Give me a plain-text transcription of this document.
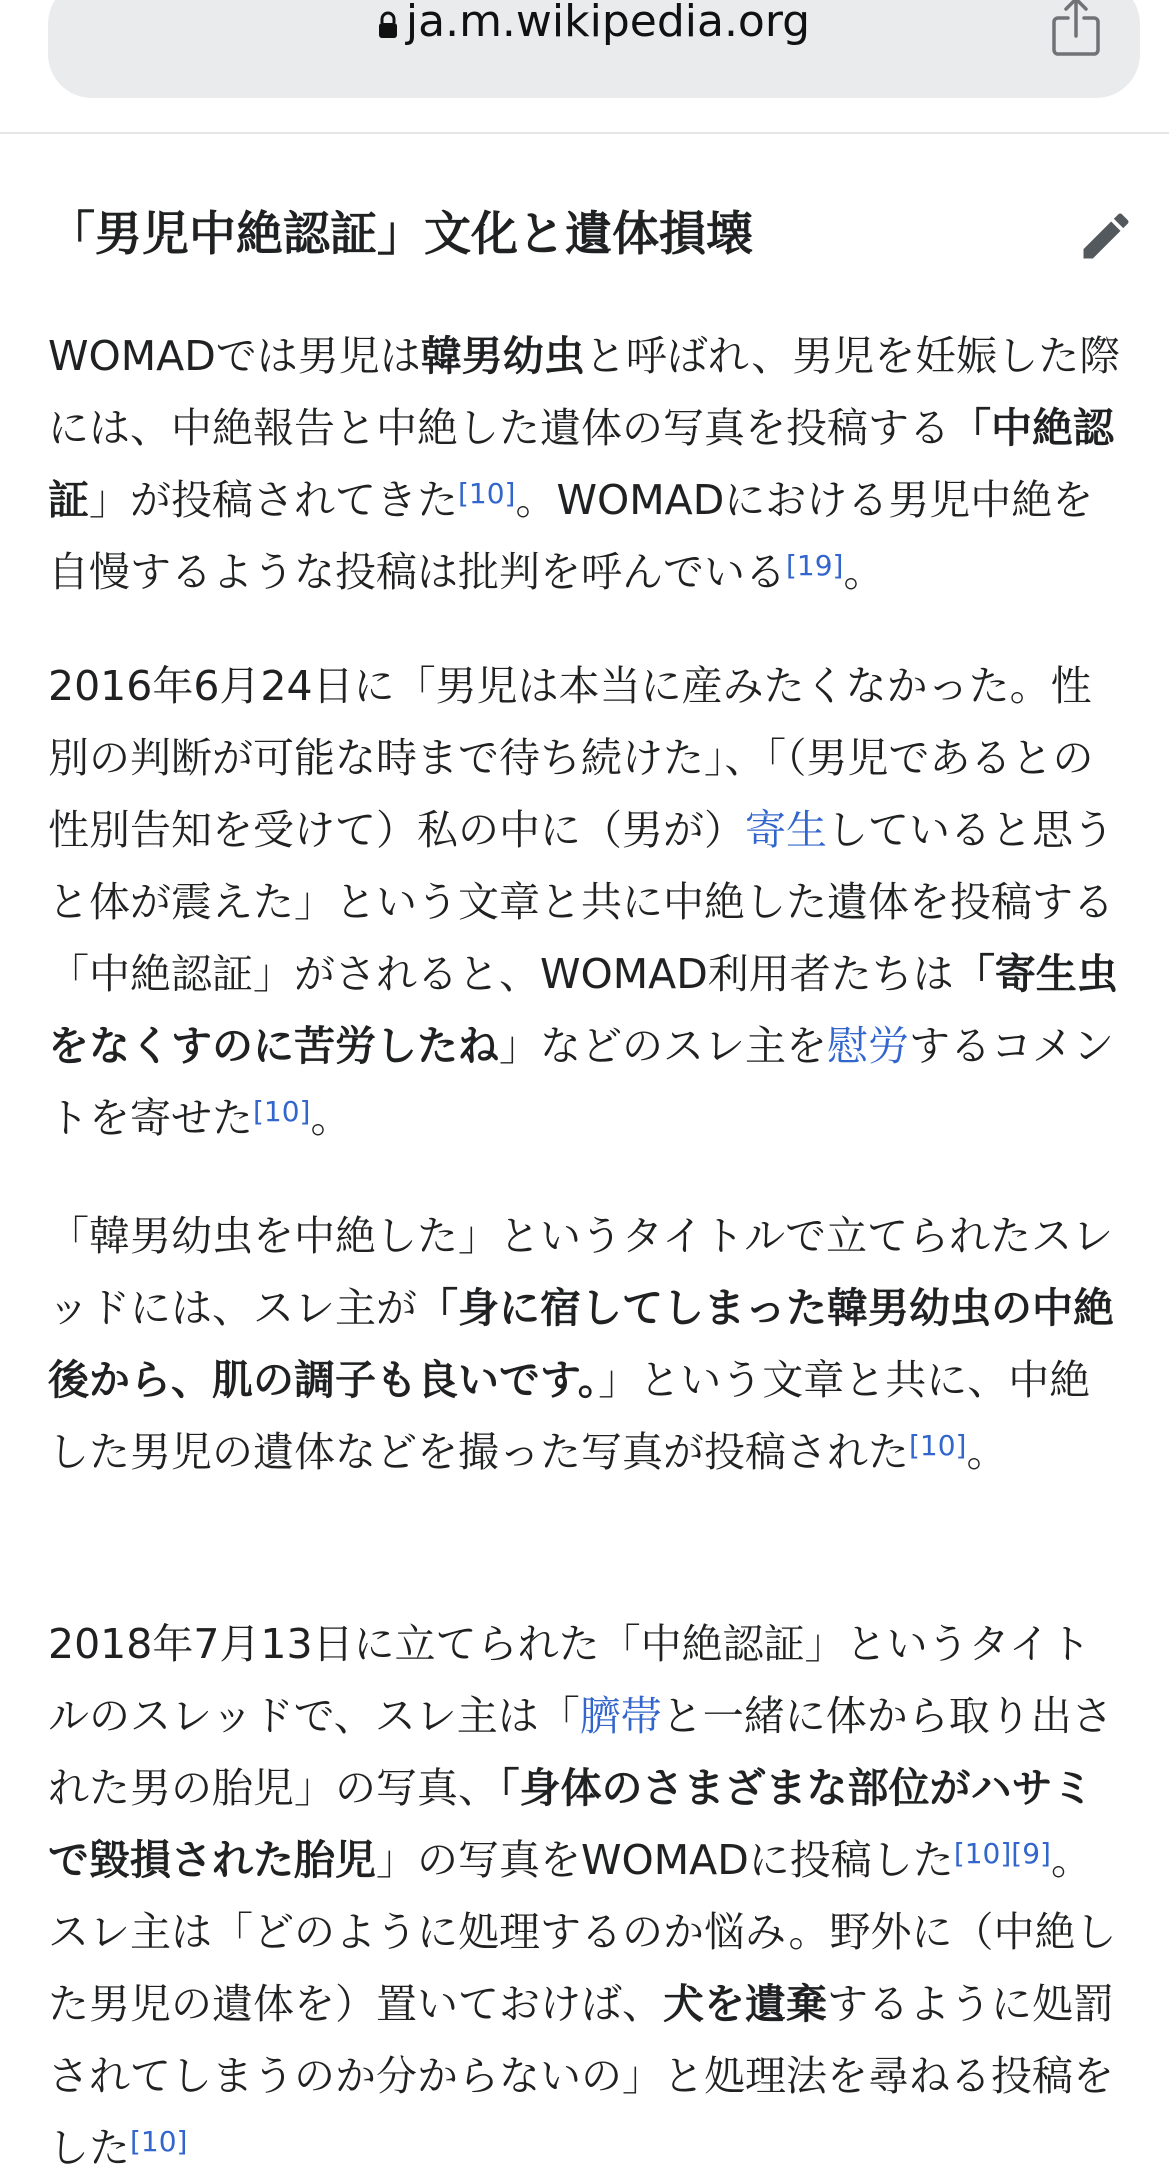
ja.m.wikipedia.org
「男児中絶認証」文化と遺体損壊

WOMADでは男児は韓男幼虫と呼ばれ、男児を妊娠した際には、中絶報告と中絶した遺体の写真を投稿する「中絶認証」が投稿されてきた[10]。WOMADにおける男児中絶を自慢するような投稿は批判を呼んでいる[19]。

2016年6月24日に「男児は本当に産みたくなかった。性別の判断が可能な時まで待ち続けた」、「（男児であるとの性別告知を受けて）私の中に（男が）寄生していると思うと体が震えた」という文章と共に中絶した遺体を投稿する「中絶認証」がされると、WOMAD利用者たちは「寄生虫をなくすのに苦労したね」などのスレ主を慰労するコメントを寄せた[10]。

「韓男幼虫を中絶した」というタイトルで立てられたスレッドには、スレ主が「身に宿してしまった韓男幼虫の中絶後から、肌の調子も良いです。」という文章と共に、中絶した男児の遺体などを撮った写真が投稿された[10]。

2018年7月13日に立てられた「中絶認証」というタイトルのスレッドで、スレ主は「臍帯と一緒に体から取り出された男の胎児」の写真、「身体のさまざまな部位がハサミで毀損された胎児」の写真をWOMADに投稿した[10][9]。スレ主は「どのように処理するのか悩み。野外に（中絶した男児の遺体を）置いておけば、犬を遺棄するように処罰されてしまうのか分からないの」と処理法を尋ねる投稿をした[10]
